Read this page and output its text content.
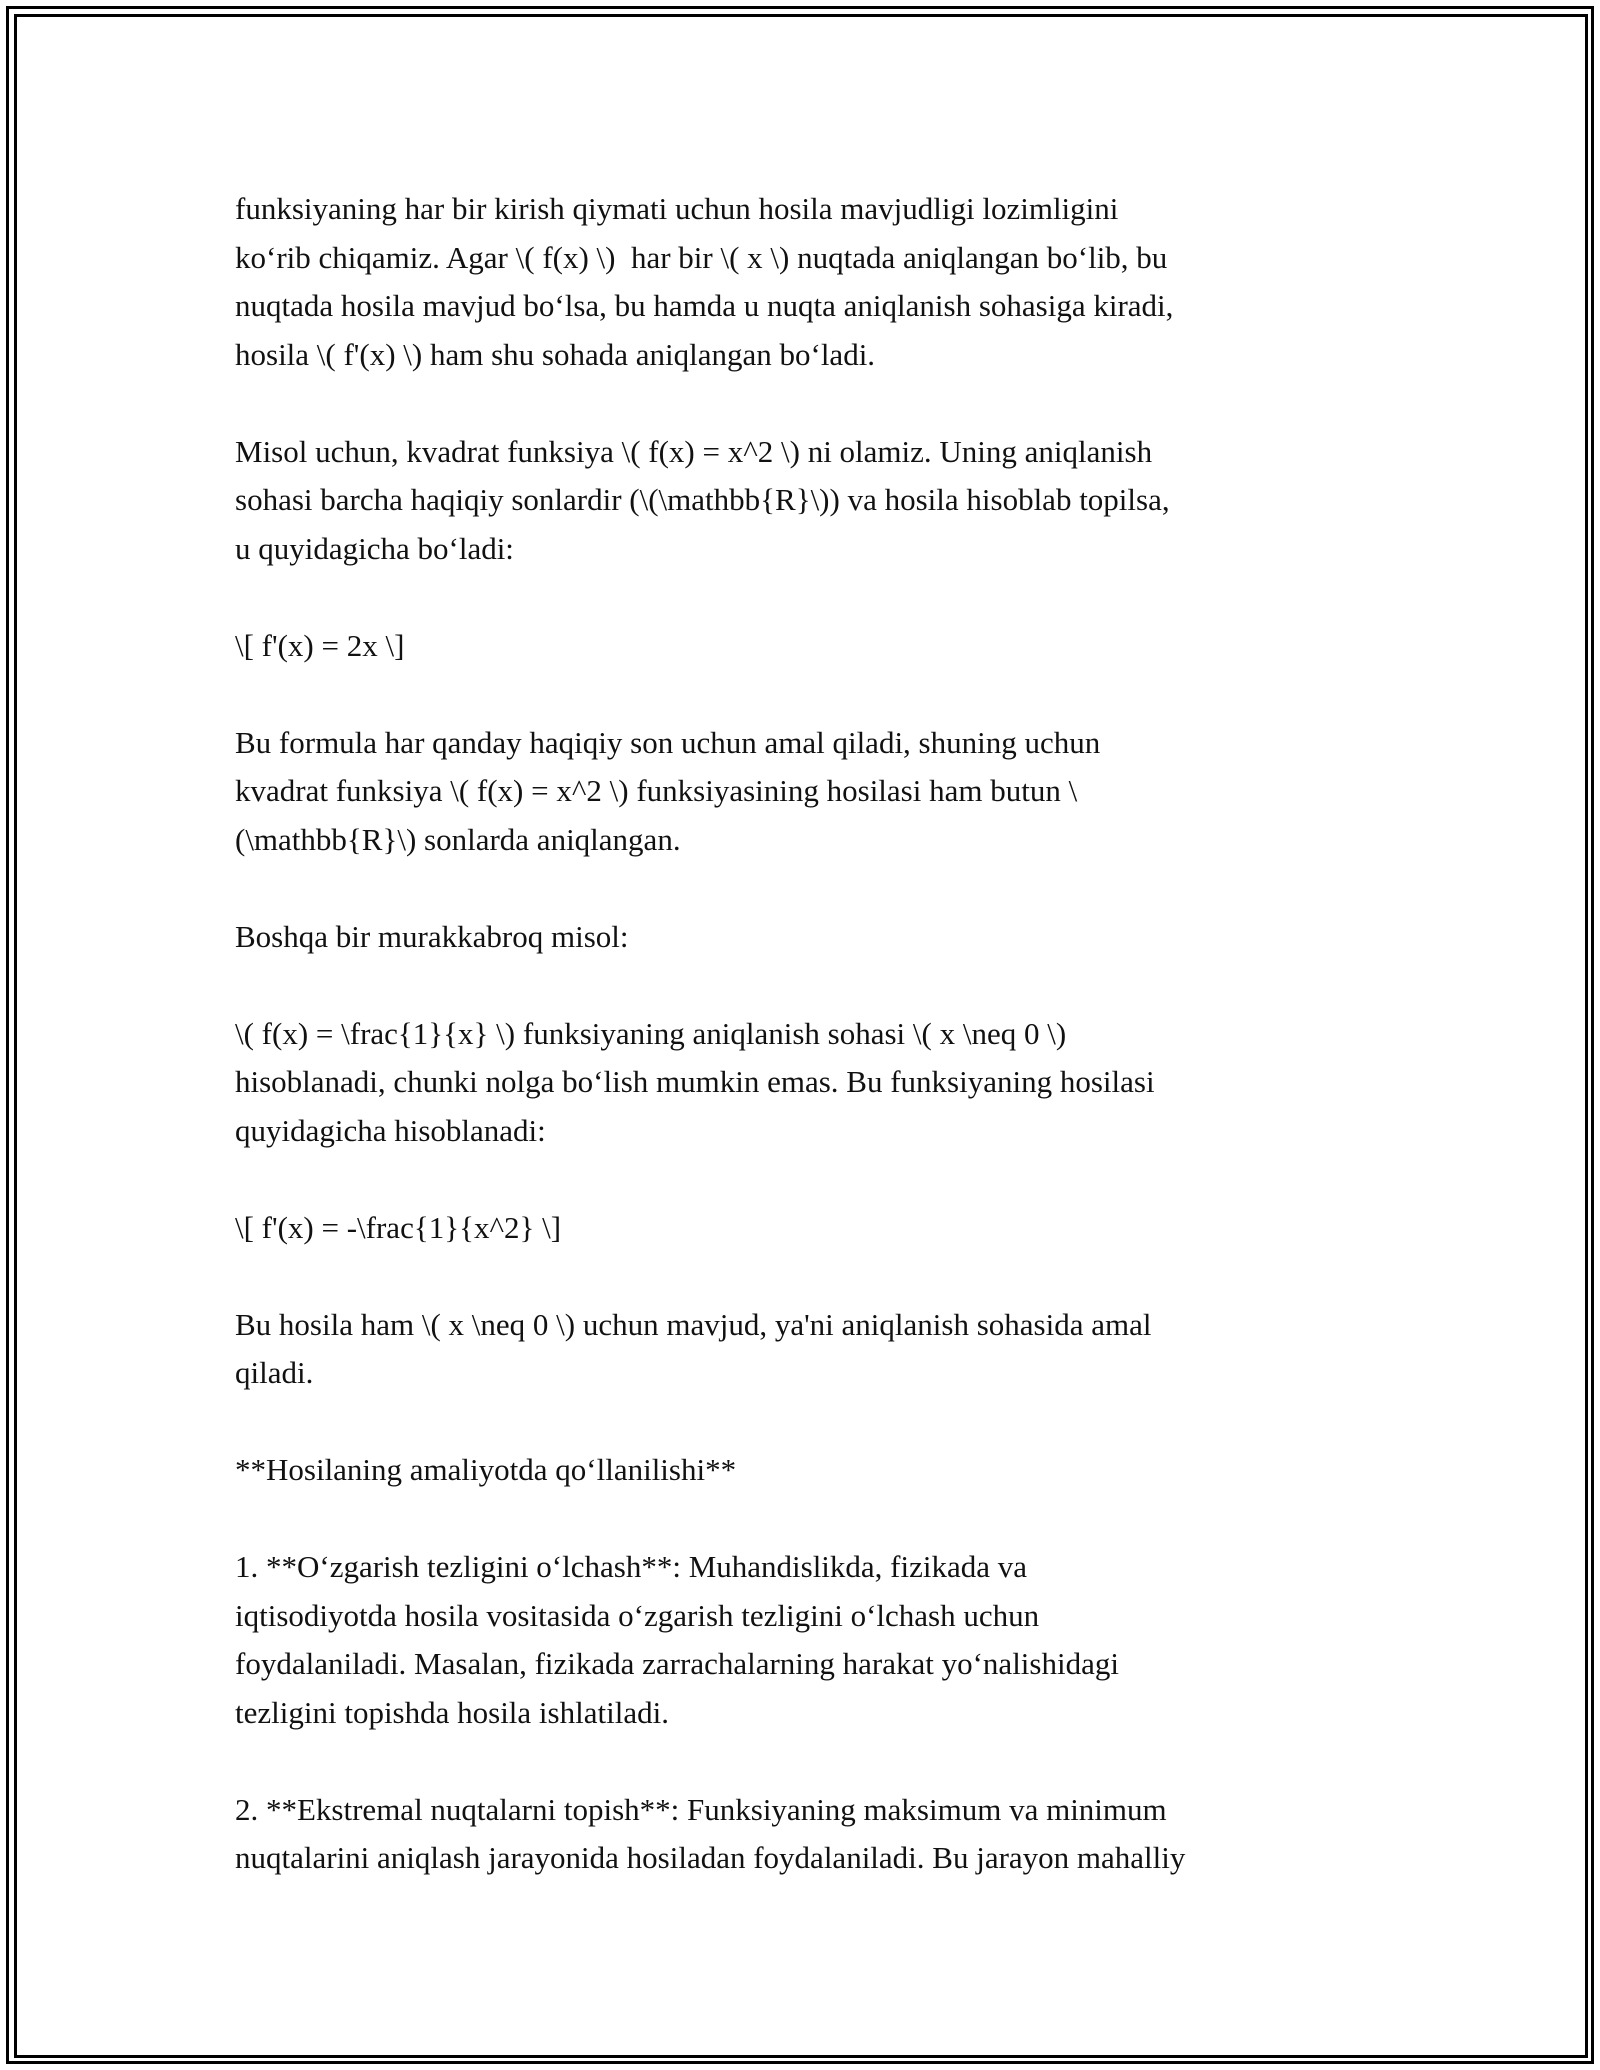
funksiyaning har bir kirish qiymati uchun hosila mavjudligi lozimligini
ko‘rib chiqamiz. Agar \( f(x) \)  har bir \( x \) nuqtada aniqlangan bo‘lib, bu
nuqtada hosila mavjud bo‘lsa, bu hamda u nuqta aniqlanish sohasiga kiradi,
hosila \( f'(x) \) ham shu sohada aniqlangan bo‘ladi.
Misol uchun, kvadrat funksiya \( f(x) = x^2 \) ni olamiz. Uning aniqlanish
sohasi barcha haqiqiy sonlardir (\(\mathbb{R}\)) va hosila hisoblab topilsa,
u quyidagicha bo‘ladi:
\[ f'(x) = 2x \]
Bu formula har qanday haqiqiy son uchun amal qiladi, shuning uchun
kvadrat funksiya \( f(x) = x^2 \) funksiyasining hosilasi ham butun \
(\mathbb{R}\) sonlarda aniqlangan.
Boshqa bir murakkabroq misol:
\( f(x) = \frac{1}{x} \) funksiyaning aniqlanish sohasi \( x \neq 0 \)
hisoblanadi, chunki nolga bo‘lish mumkin emas. Bu funksiyaning hosilasi
quyidagicha hisoblanadi:
\[ f'(x) = -\frac{1}{x^2} \]
Bu hosila ham \( x \neq 0 \) uchun mavjud, ya'ni aniqlanish sohasida amal
qiladi.
**Hosilaning amaliyotda qo‘llanilishi**
1. **O‘zgarish tezligini o‘lchash**: Muhandislikda, fizikada va
iqtisodiyotda hosila vositasida o‘zgarish tezligini o‘lchash uchun
foydalaniladi. Masalan, fizikada zarrachalarning harakat yo‘nalishidagi
tezligini topishda hosila ishlatiladi.
2. **Ekstremal nuqtalarni topish**: Funksiyaning maksimum va minimum
nuqtalarini aniqlash jarayonida hosiladan foydalaniladi. Bu jarayon mahalliy
